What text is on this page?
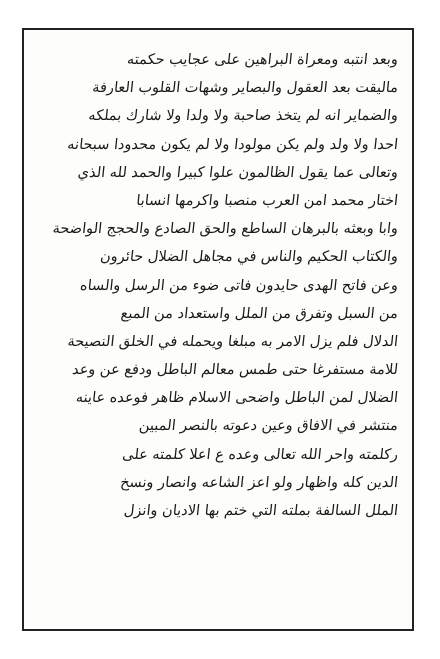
وبعد انتبه ومعراة البراهين على عجايب حكمته
ماليقت بعد العقول والبصاير وشهات القلوب العارفة
والضماير انه لم يتخذ صاحبة ولا ولدا ولا شارك بملكه
احدا ولا ولد ولم يكن مولودا ولا لم يكون محدودا سبحانه
وتعالى عما يقول الظالمون علوا كبيرا والحمد لله الذي
اختار محمد امن العرب منصبا واكرمها انسابا
وابا وبعثه بالبرهان الساطع والحق الصادع والحجج الواضحة
والكتاب الحكيم والناس في مجاهل الضلال حائرون
وعن فاتح الهدى حايدون فاتى ضوء من الرسل والساه
من السبل وتفرق من الملل واستعداد من المبع
الدلال فلم يزل الامر به مبلغا ويحمله في الخلق النصيحة
للامة مستفرغا حتى طمس معالم الباطل ودفع عن وعد
الضلال لمن الباطل واضحى الاسلام ظاهر فوعده عاينه
منتشر في الافاق وعين دعوته بالنصر المبين
ركلمته واحر الله تعالى وعده ع اعلا كلمته على
الدين كله واظهار ولو اعز الشاعه وانصار ونسخ
الملل السالفة بملته التي ختم بها الاديان وانزل
